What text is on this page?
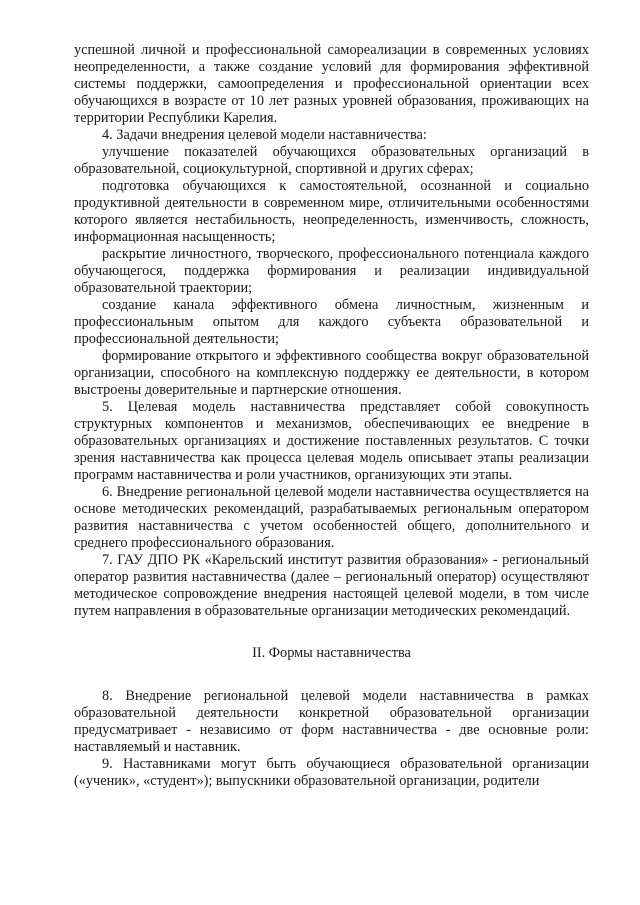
успешной личной и профессиональной самореализации в современных условиях неопределенности, а также создание условий для формирования эффективной системы поддержки, самоопределения и профессиональной ориентации всех обучающихся в возрасте от 10 лет разных уровней образования, проживающих на территории Республики Карелия.

4. Задачи внедрения целевой модели наставничества:

улучшение показателей обучающихся образовательных организаций в образовательной, социокультурной, спортивной и других сферах;

подготовка обучающихся к самостоятельной, осознанной и социально продуктивной деятельности в современном мире, отличительными особенностями которого является нестабильность, неопределенность, изменчивость, сложность, информационная насыщенность;

раскрытие личностного, творческого, профессионального потенциала каждого обучающегося, поддержка формирования и реализации индивидуальной образовательной траектории;

создание канала эффективного обмена личностным, жизненным и профессиональным опытом для каждого субъекта образовательной и профессиональной деятельности;

формирование открытого и эффективного сообщества вокруг образовательной организации, способного на комплексную поддержку ее деятельности, в котором выстроены доверительные и партнерские отношения.

5. Целевая модель наставничества представляет собой совокупность структурных компонентов и механизмов, обеспечивающих ее внедрение в образовательных организациях и достижение поставленных результатов. С точки зрения наставничества как процесса целевая модель описывает этапы реализации программ наставничества и роли участников, организующих эти этапы.

6. Внедрение региональной целевой модели наставничества осуществляется на основе методических рекомендаций, разрабатываемых региональным оператором развития наставничества с учетом особенностей общего, дополнительного и среднего профессионального образования.

7. ГАУ ДПО РК «Карельский институт развития образования» - региональный оператор развития наставничества (далее – региональный оператор) осуществляют методическое сопровождение внедрения настоящей целевой модели, в том числе путем направления в образовательные организации методических рекомендаций.

II. Формы наставничества

8. Внедрение региональной целевой модели наставничества в рамках образовательной деятельности конкретной образовательной организации предусматривает - независимо от форм наставничества - две основные роли: наставляемый и наставник.

9. Наставниками могут быть обучающиеся образовательной организации («ученик», «студент»); выпускники образовательной организации, родители
